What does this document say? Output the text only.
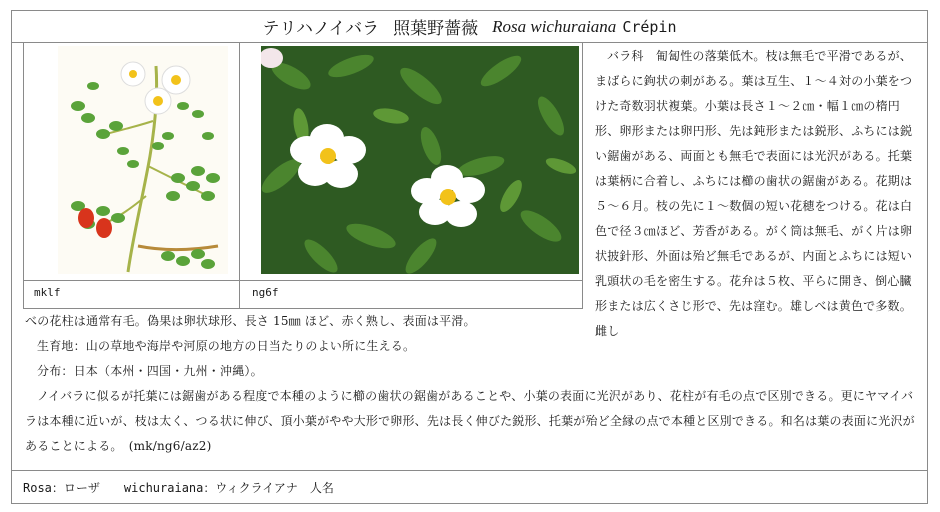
テリハノイバラ 照葉野薔薇 Rosa wichuraiana Crépin
mklf	ng6f

バラ科　匍匐性の落葉低木。枝は無毛で平滑であるが、まばらに鉤状の刺がある。葉は互生、１～４対の小葉をつけた奇数羽状複葉。小葉は長さ１～２㎝・幅１㎝の楕円形、卵形または卵円形、先は鈍形または鋭形、ふちには鋭い鋸歯がある、両面とも無毛で表面には光沢がある。托葉は葉柄に合着し、ふちには櫛の歯状の鋸歯がある。花期は５～６月。枝の先に１～数個の短い花穂をつける。花は白色で径３㎝ほど、芳香がある。がく筒は無毛、がく片は卵状披針形、外面は殆ど無毛であるが、内面とふちには短い乳頭状の毛を密生する。花弁は５枚、平らに開き、倒心臓形または広くさじ形で、先は窪む。雄しべは黄色で多数。雌し

べの花柱は通常有毛。偽果は卵状球形、長さ 15㎜ ほど、赤く熟し、表面は平滑。

生育地：山の草地や海岸や河原の地方の日当たりのよい所に生える。

分布：日本（本州・四国・九州・沖縄）。

ノイバラに似るが托葉には鋸歯がある程度で本種のように櫛の歯状の鋸歯があることや、小葉の表面に光沢があり、花柱が有毛の点で区別できる。更にヤマイバラは本種に近いが、枝は太く、つる状に伸び、頂小葉がやや大形で卵形、先は長く伸びた鋭形、托葉が殆ど全縁の点で本種と区別できる。和名は葉の表面に光沢があることによる。　(mk/ng6/az2)

Rosa：ローザ　　wichuraiana：ウィクライアナ　人名
